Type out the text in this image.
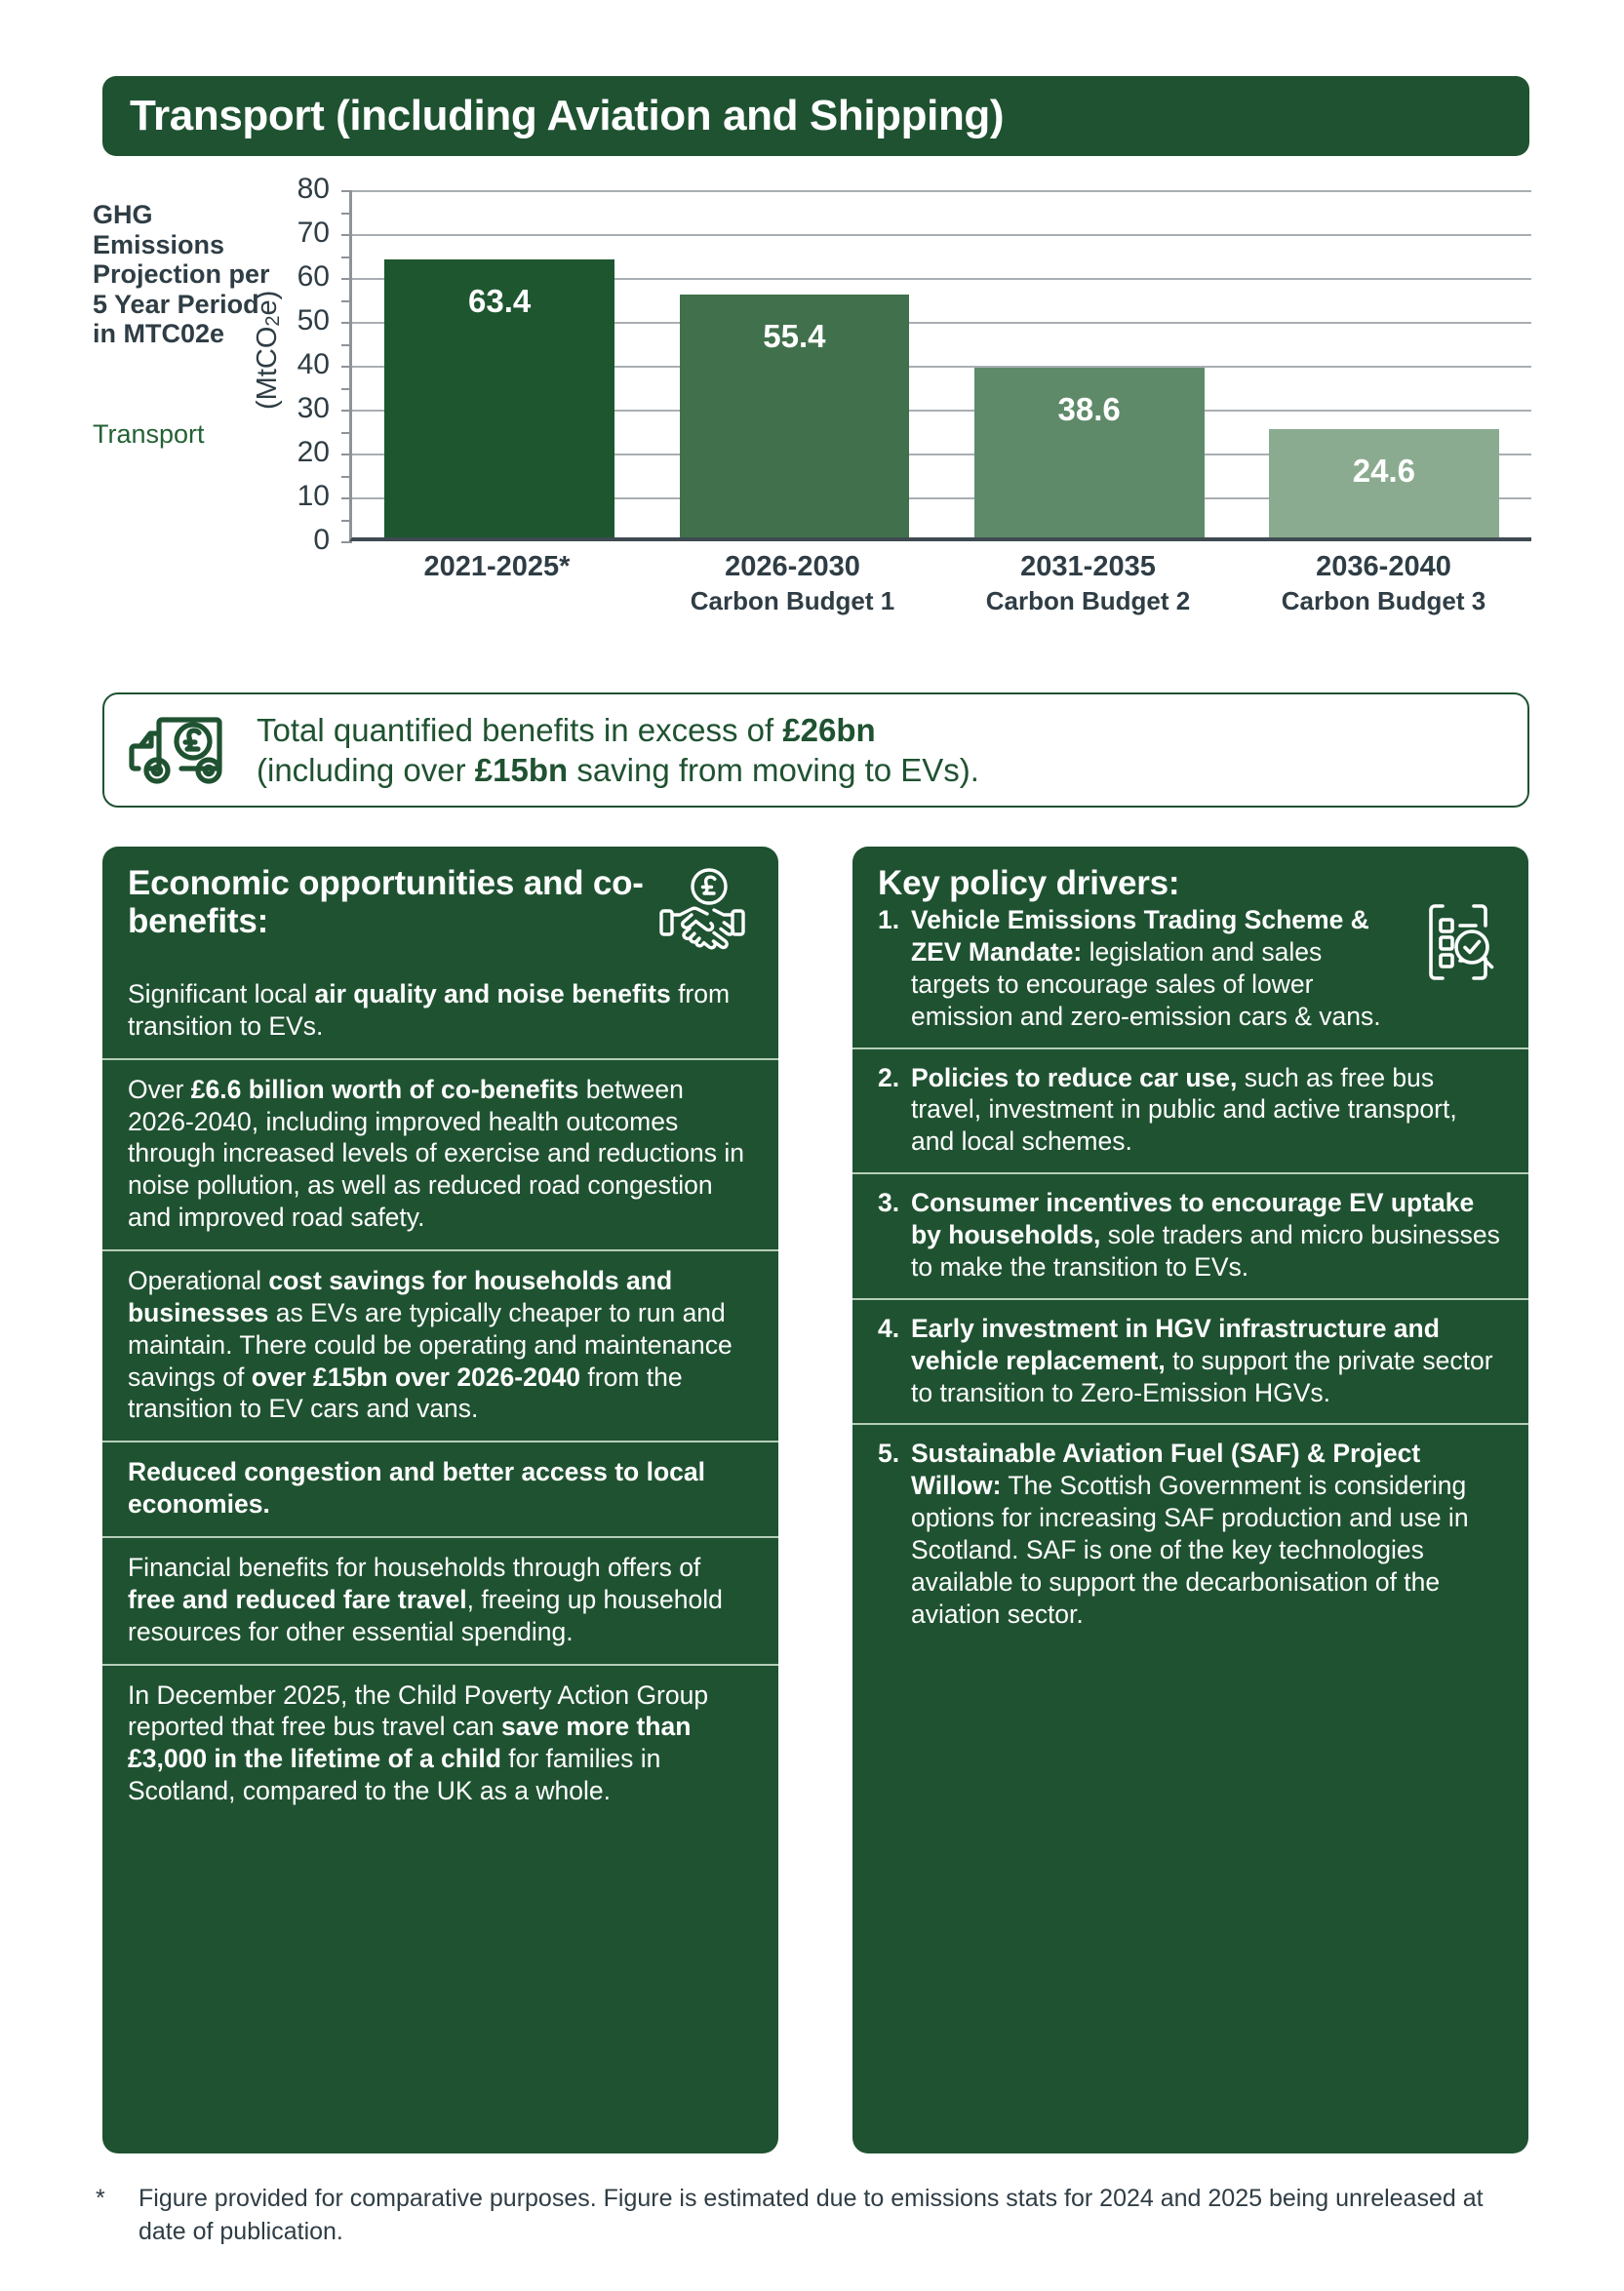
Transport (including Aviation and Shipping)
GHG Emissions Projection per 5 Year Period in MTC02e
Transport
(MtCO$_2$e)
80
70
60
50
40
30
20
10
0
63.4
55.4
38.6
24.6
2021-2025*	2026-2030
Carbon Budget 1
2031-2035
Carbon Budget 2
2036-2040
Carbon Budget 3
Total quantified benefits in excess of £26bn
(including over £15bn saving from moving to EVs).
Economic opportunities and co-benefits:
Significant local air quality and noise benefits from transition to EVs.
Over £6.6 billion worth of co-benefits between 2026-2040, including improved health outcomes through increased levels of exercise and reductions in noise pollution, as well as reduced road congestion and improved road safety.
Operational cost savings for households and businesses as EVs are typically cheaper to run and maintain. There could be operating and maintenance savings of over £15bn over 2026-2040 from the transition to EV cars and vans.
Reduced congestion and better access to local economies.
Financial benefits for households through offers of free and reduced fare travel, freeing up household resources for other essential spending.
In December 2025, the Child Poverty Action Group reported that free bus travel can save more than £3,000 in the lifetime of a child for families in Scotland, compared to the UK as a whole.
Key policy drivers:
1. Vehicle Emissions Trading Scheme & ZEV Mandate: legislation and sales targets to encourage sales of lower emission and zero-emission cars & vans.
2. Policies to reduce car use, such as free bus travel, investment in public and active transport, and local schemes.
3. Consumer incentives to encourage EV uptake by households, sole traders and micro businesses to make the transition to EVs.
4. Early investment in HGV infrastructure and vehicle replacement, to support the private sector to transition to Zero-Emission HGVs.
5. Sustainable Aviation Fuel (SAF) & Project Willow: The Scottish Government is considering options for increasing SAF production and use in Scotland. SAF is one of the key technologies available to support the decarbonisation of the aviation sector.
*	Figure provided for comparative purposes. Figure is estimated due to emissions stats for 2024 and 2025 being unreleased at date of publication.
